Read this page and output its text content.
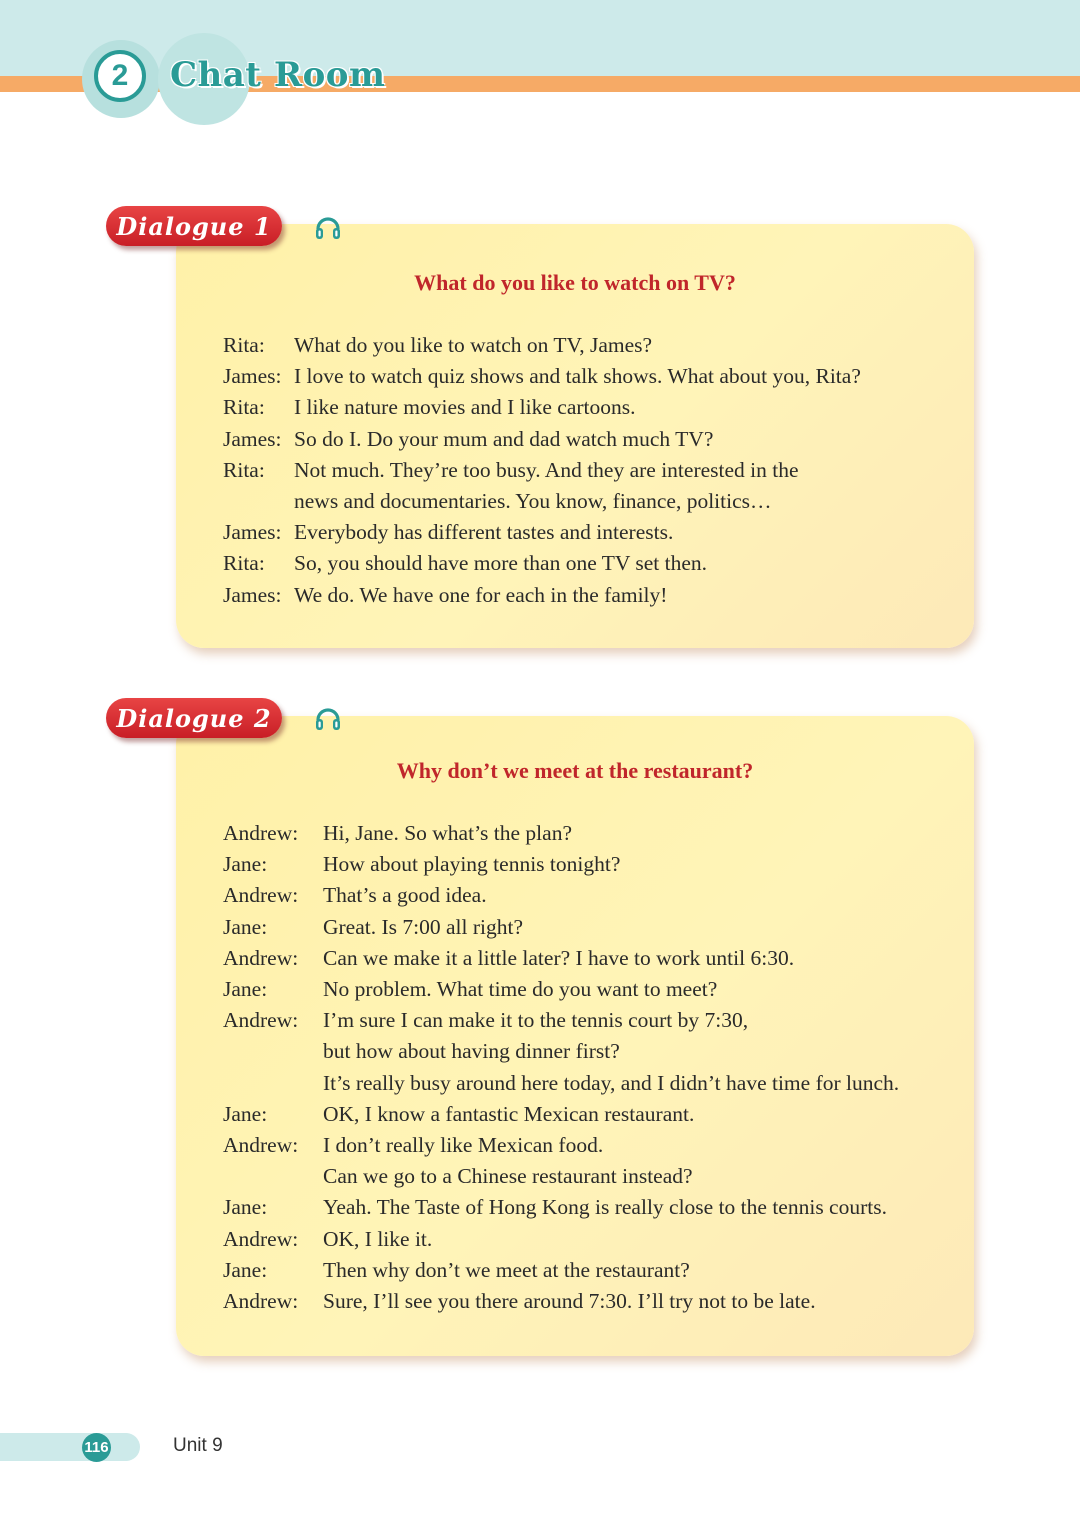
2	Chat Room
What do you like to watch on TV?
Rita: What do you like to watch on TV, James?
James: I love to watch quiz shows and talk shows. What about you, Rita?
Rita: I like nature movies and I like cartoons.
James: So do I. Do your mum and dad watch much TV?
Rita: Not much. They’re too busy. And they are interested in the
news and documentaries. You know, finance, politics…
James: Everybody has different tastes and interests.
Rita: So, you should have more than one TV set then.
James: We do. We have one for each in the family!
Dialogue 1
Why don’t we meet at the restaurant?
Andrew: Hi, Jane. So what’s the plan?
Jane:	How about playing tennis tonight?
Andrew: That’s a good idea.
Jane:	Great. Is 7:00 all right?
Andrew: Can we make it a little later? I have to work until 6:30.
Jane:	No problem. What time do you want to meet?
Andrew: I’m sure I can make it to the tennis court by 7:30,
but how about having dinner first?
It’s really busy around here today, and I didn’t have time for lunch.
Jane:	OK, I know a fantastic Mexican restaurant.
Andrew: I don’t really like Mexican food.
Can we go to a Chinese restaurant instead?
Jane:	Yeah. The Taste of Hong Kong is really close to the tennis courts.
Andrew: OK, I like it.
Jane:	Then why don’t we meet at the restaurant?
Andrew: Sure, I’ll see you there around 7:30. I’ll try not to be late.
Dialogue 2
116	Unit 9
